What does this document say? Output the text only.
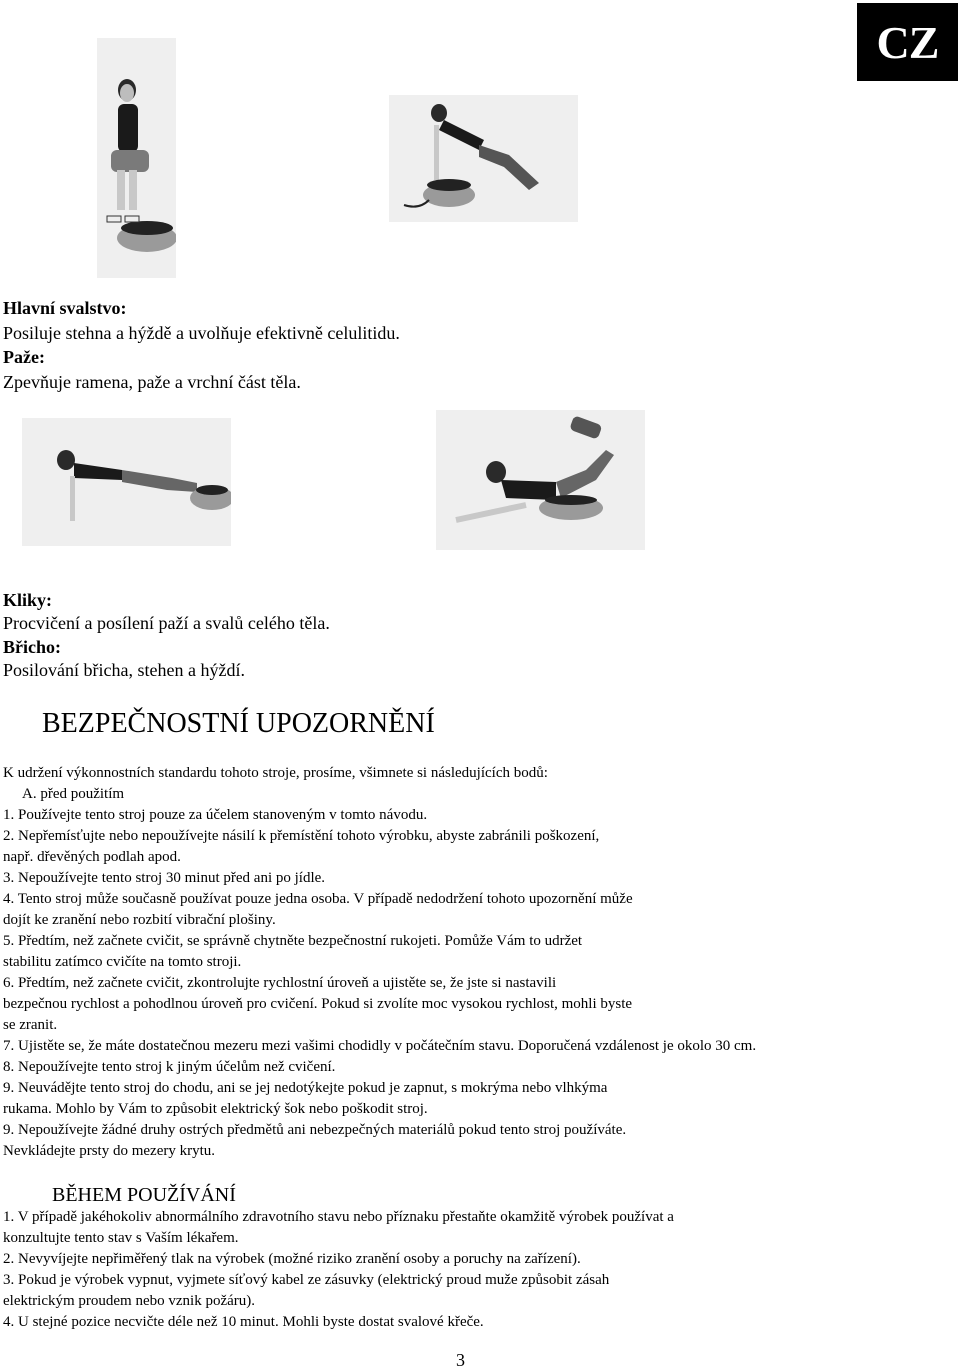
CZ
Hlavní svalstvo:
Posiluje stehna a hýždě a uvolňuje efektivně celulitidu.
Paže:
Zpevňuje ramena, paže a vrchní část těla.
Kliky:
Procvičení a posílení paží a svalů celého těla.
Břicho:
Posilování břicha, stehen a hýždí.
BEZPEČNOSTNÍ UPOZORNĚNÍ
K udržení výkonnostních standardu tohoto stroje, prosíme, všimnete si následujících bodů:
A. před použitím
1. Používejte tento stroj pouze za účelem stanoveným v tomto návodu.
2. Nepřemísťujte nebo nepoužívejte násilí k přemístění tohoto výrobku, abyste zabránili poškození,
např. dřevěných podlah apod.
3. Nepoužívejte tento stroj 30 minut před ani po jídle.
4. Tento stroj může současně používat pouze jedna osoba. V případě nedodržení tohoto upozornění může
dojít ke zranění nebo rozbití vibrační plošiny.
5. Předtím, než začnete cvičit, se správně chytněte bezpečnostní rukojeti. Pomůže Vám to udržet
stabilitu zatímco cvičíte na tomto stroji.
6. Předtím, než začnete cvičit, zkontrolujte rychlostní úroveň a ujistěte se, že jste si nastavili
bezpečnou rychlost a pohodlnou úroveň pro cvičení. Pokud si zvolíte moc vysokou rychlost, mohli byste
se zranit.
7. Ujistěte se, že máte dostatečnou mezeru mezi vašimi chodidly v počátečním stavu. Doporučená vzdálenost je okolo 30 cm.
8. Nepoužívejte tento stroj k jiným účelům než cvičení.
9. Neuvádějte tento stroj do chodu, ani se jej nedotýkejte pokud je zapnut, s mokrýma nebo vlhkýma
rukama. Mohlo by Vám to způsobit elektrický šok nebo poškodit stroj.
9. Nepoužívejte žádné druhy ostrých předmětů ani nebezpečných materiálů pokud tento stroj používáte.
Nevkládejte prsty do mezery krytu.
BĚHEM POUŽÍVÁNÍ
1. V případě jakéhokoliv abnormálního zdravotního stavu nebo příznaku přestaňte okamžitě výrobek používat a
konzultujte tento stav s Vaším lékařem.
2. Nevyvíjejte nepřiměřený tlak na výrobek (možné riziko zranění osoby a poruchy na zařízení).
3. Pokud je výrobek vypnut, vyjmete síťový kabel ze zásuvky (elektrický proud muže způsobit zásah
elektrickým proudem nebo vznik požáru).
4. U stejné pozice necvičte déle než 10 minut. Mohli byste dostat svalové křeče.
3
